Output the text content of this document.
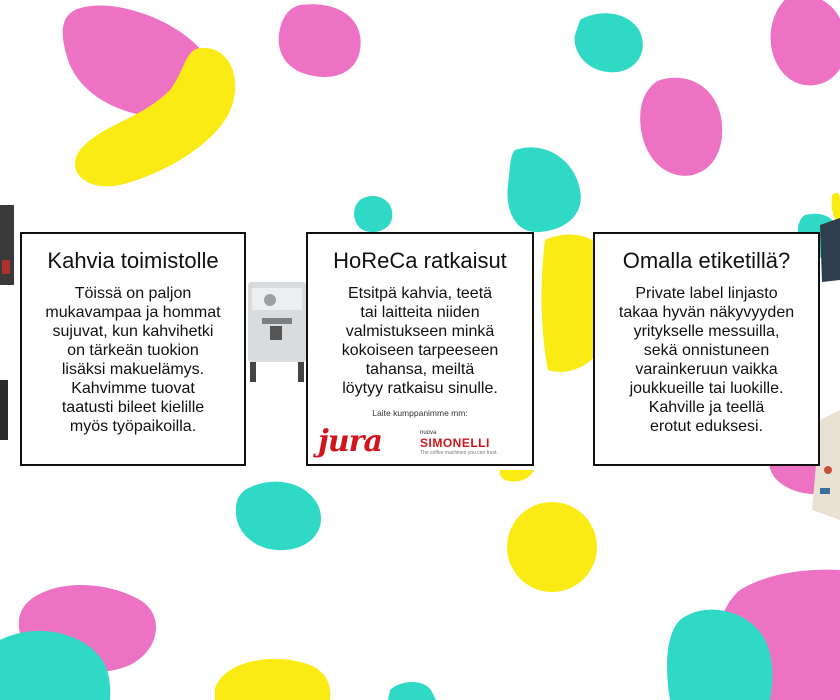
Kahvia toimistolle

Töissä on paljon
mukavampaa ja hommat
sujuvat, kun kahvihetki
on tärkeän tuokion
lisäksi makuelämys.
Kahvimme tuovat
taatusti bileet kielille
myös työpaikoilla.

HoReCa ratkaisut

Etsitpä kahvia, teetä
tai laitteita niiden
valmistukseen minkä
kokoiseen tarpeeseen
tahansa, meiltä
löytyy ratkaisu sinulle.

Laite kumppanimme mm:
jura	nuova
SIMONELLI
The coffee machines you can trust.
Omalla etiketillä?

Private label linjasto
takaa hyvän näkyvyyden
yritykselle messuilla,
sekä onnistuneen
varainkeruun vaikka
joukkueille tai luokille.
Kahville ja teellä
erotut eduksesi.
